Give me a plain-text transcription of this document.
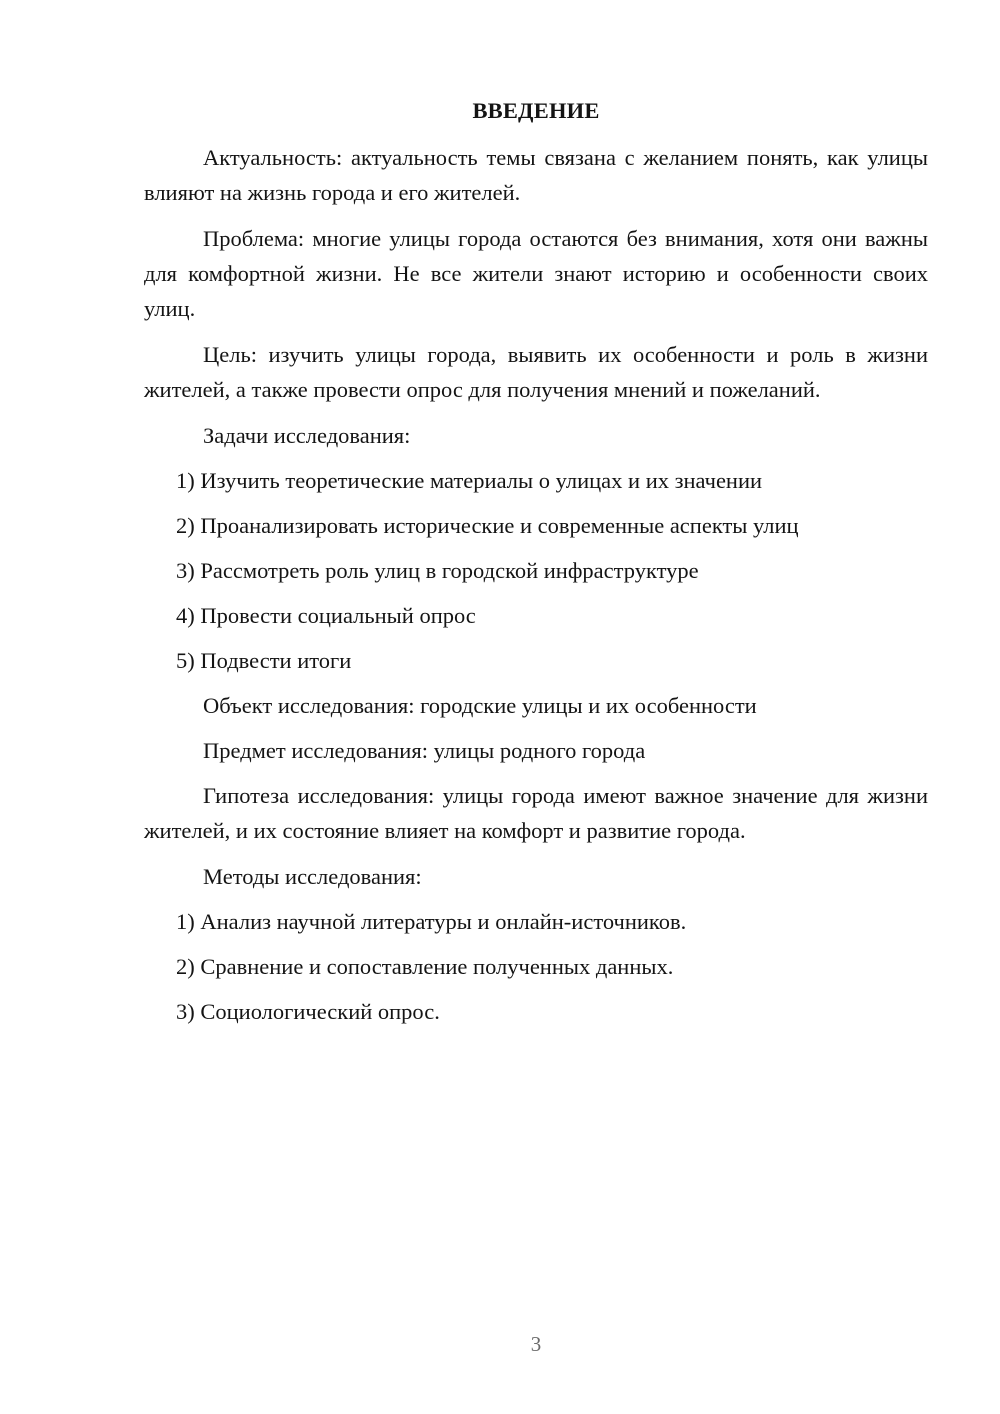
ВВЕДЕНИЕ

Актуальность: актуальность темы связана с желанием понять, как улицы влияют на жизнь города и его жителей.

Проблема: многие улицы города остаются без внимания, хотя они важны для комфортной жизни. Не все жители знают историю и особенности своих улиц.

Цель: изучить улицы города, выявить их особенности и роль в жизни жителей, а также провести опрос для получения мнений и пожеланий.

Задачи исследования:

1) Изучить теоретические материалы о улицах и их значении
2) Проанализировать исторические и современные аспекты улиц
3) Рассмотреть роль улиц в городской инфраструктуре
4) Провести социальный опрос
5) Подвести итоги

Объект исследования: городские улицы и их особенности

Предмет исследования: улицы родного города

Гипотеза исследования: улицы города имеют важное значение для жизни жителей, и их состояние влияет на комфорт и развитие города.

Методы исследования:

1) Анализ научной литературы и онлайн-источников.
2) Сравнение и сопоставление полученных данных.
3) Социологический опрос.
3
